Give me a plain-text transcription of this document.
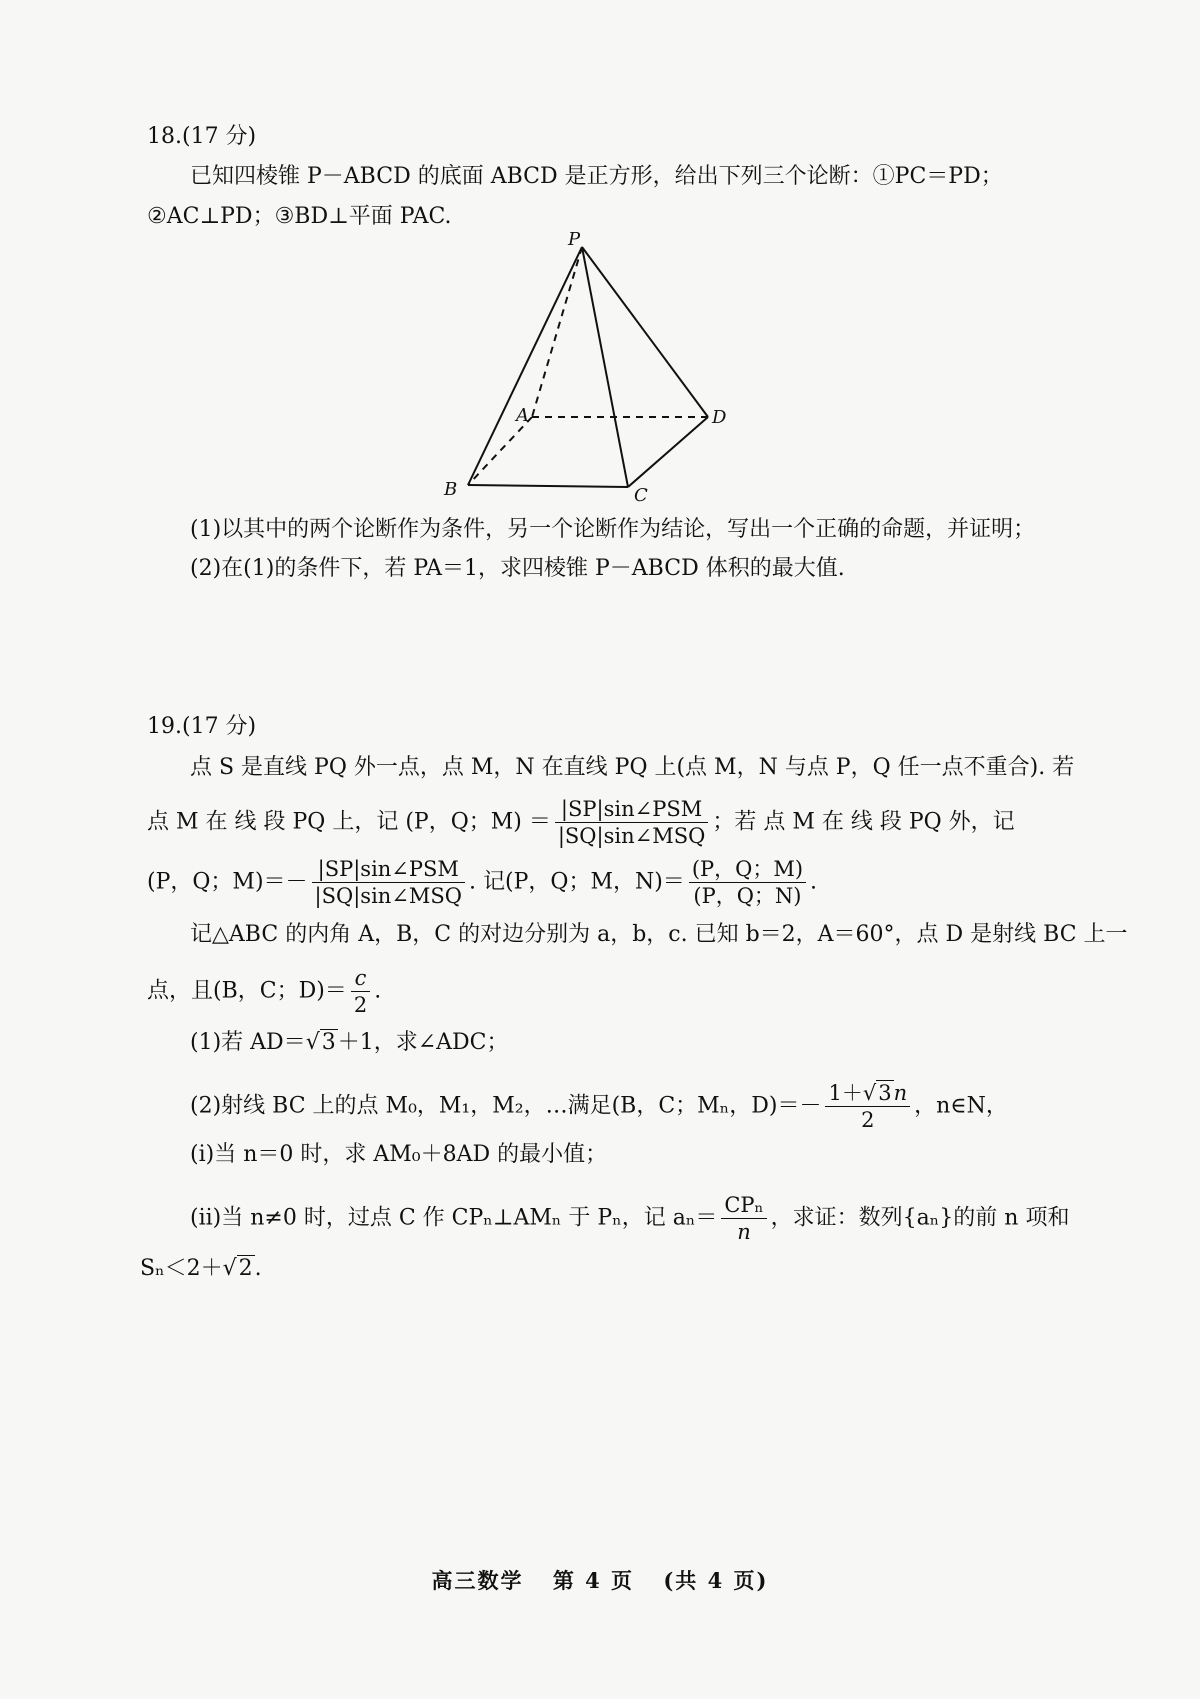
18.(17 分)
已知四棱锥 P－ABCD 的底面 ABCD 是正方形，给出下列三个论断：①PC＝PD；
②AC⊥PD；③BD⊥平面 PAC.
P
A
B	C
D
(1)以其中的两个论断作为条件，另一个论断作为结论，写出一个正确的命题，并证明；
(2)在(1)的条件下，若 PA＝1，求四棱锥 P－ABCD 体积的最大值.
19.(17 分)
点 S 是直线 PQ 外一点，点 M，N 在直线 PQ 上(点 M，N 与点 P，Q 任一点不重合). 若
点 M 在 线 段 PQ 上，记 (P，Q；$M) = \frac{\text{|SP|sin∠PSM}}{\text{|SQ|sin∠MSQ}}$ ；若 点 M 在 线 段 PQ 外，记
(P，Q；$M)=- \frac{\text{|SP|sin∠PSM}}{\text{|SQ|sin∠MSQ}}$ . 记(P，Q；M，$N)= \frac{(P,Q;M)}{(P,Q;N)}$ .
记△ABC 的内角 A，B，C 的对边分别为 a，b，c. 已知 b＝2，A＝60°，点 D 是射线 BC 上一
点，且(B，C；$D)= \frac{c}{2}$ .
(1)若 AD＝√3＋1，求∠ADC；
(2)射线 BC 上的点 M₀，M₁，M₂，…满足(B，C；Mₙ，$D)=- \frac{1+√3n}{2}$ ，n∈N，
(i)当 n＝0 时，求 AM₀＋8AD 的最小值；
(ii)当 n≠0 时，过点 C 作 CPₙ⊥AMₙ 于 Pₙ，记 $a_n= \frac{\text{CPₙ}}{n}$ ，求证：数列{aₙ}的前 n 项和
Sₙ＜2＋√2.
高三数学 第 4 页 (共 4 页)
